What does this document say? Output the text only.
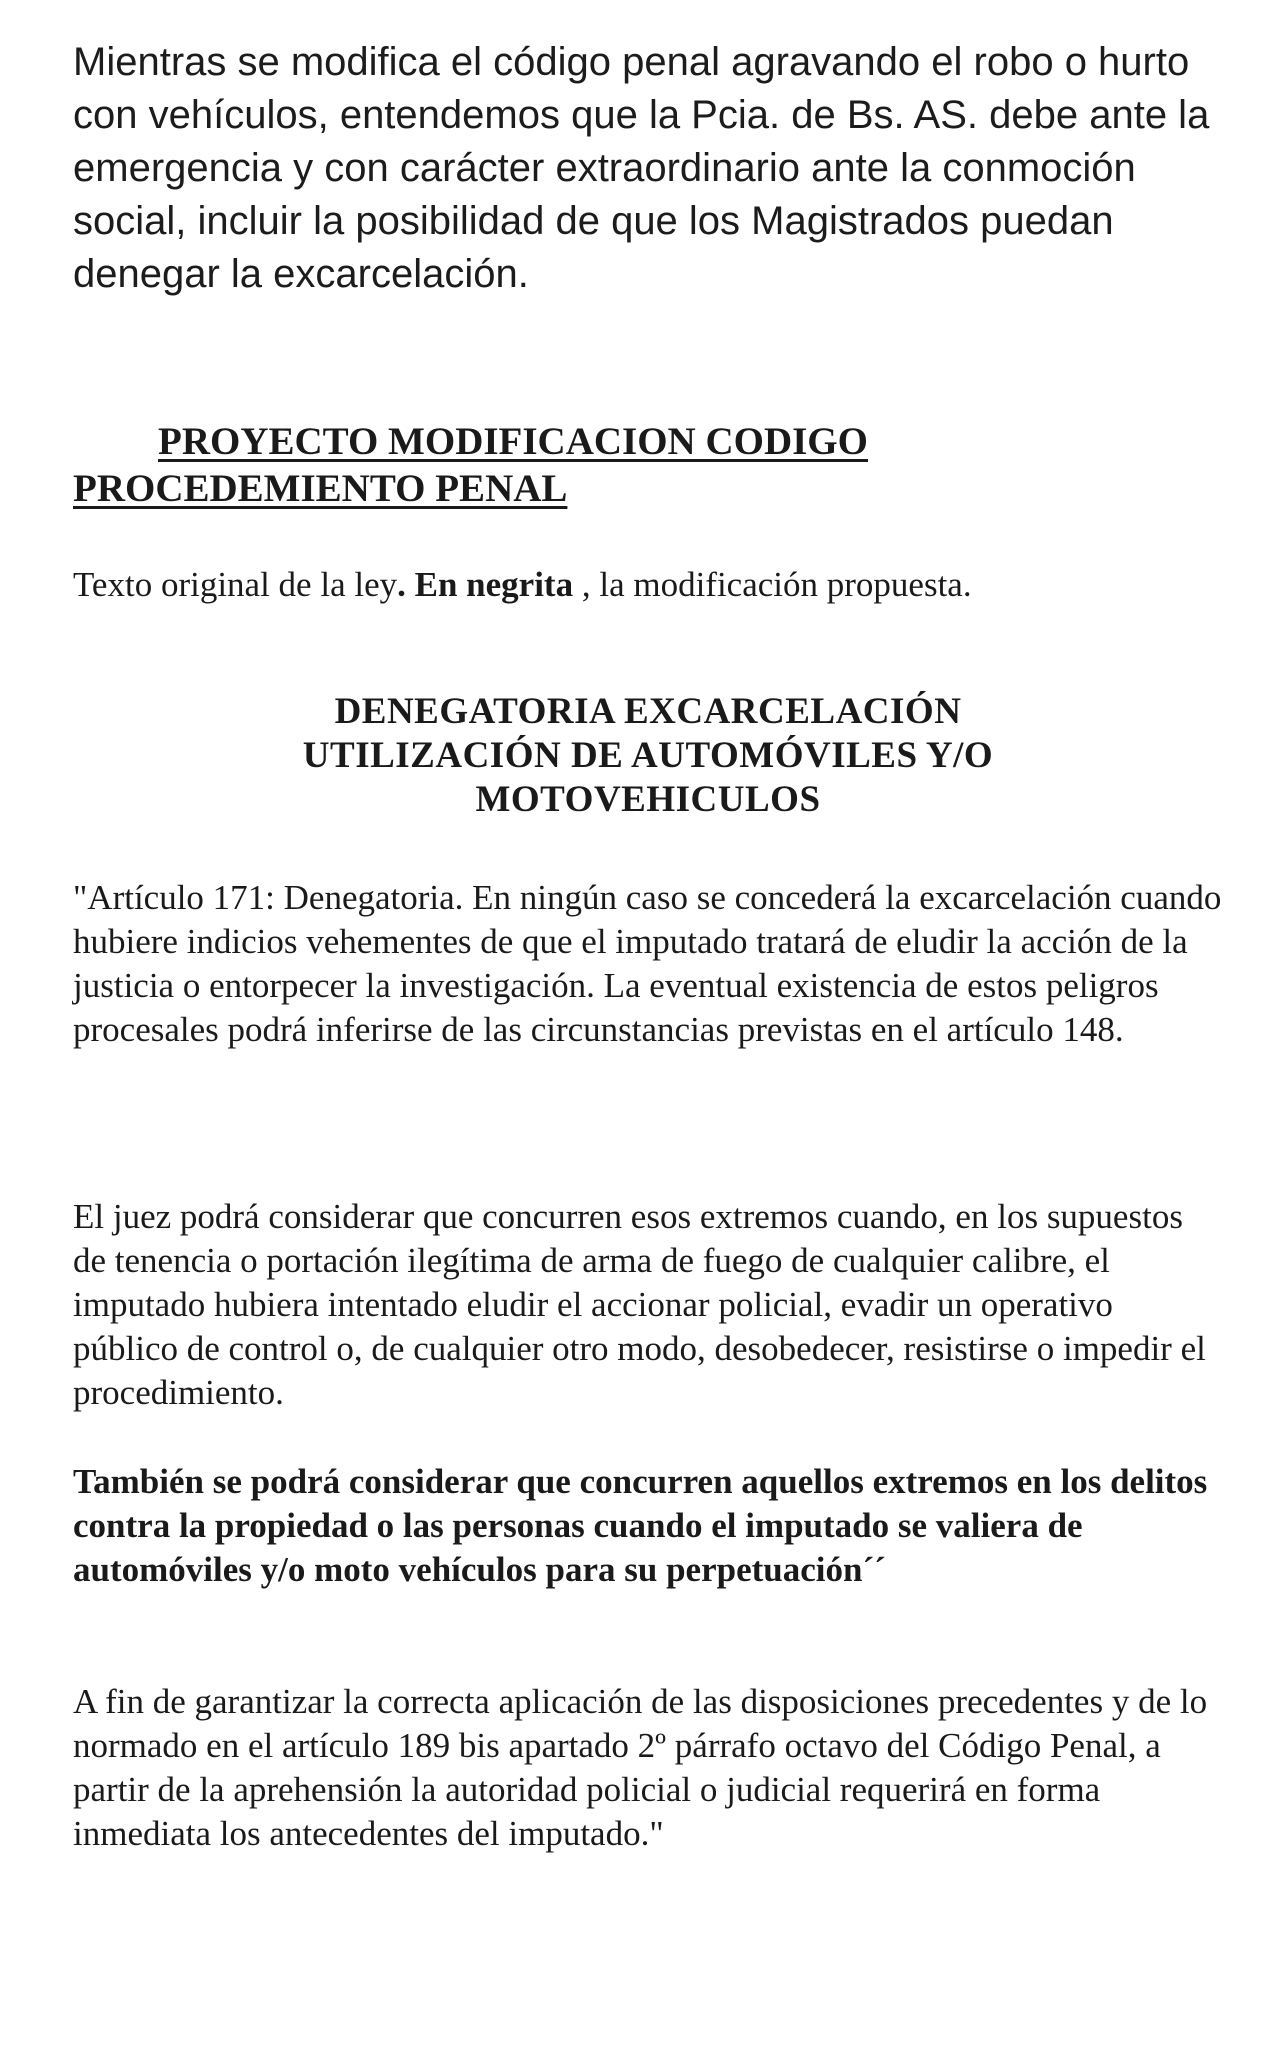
Mientras se modifica el código penal agravando el robo o hurto con vehículos, entendemos que la Pcia. de Bs. AS. debe ante la emergencia y con carácter extraordinario ante la conmoción social, incluir la posibilidad de que los Magistrados puedan denegar la excarcelación.
PROYECTO MODIFICACION CODIGO
PROCEDEMIENTO PENAL
Texto original de la ley. En negrita , la modificación propuesta.
DENEGATORIA EXCARCELACIÓN
UTILIZACIÓN DE AUTOMÓVILES Y/O
MOTOVEHICULOS
"Artículo 171: Denegatoria. En ningún caso se concederá la excarcelación cuando hubiere indicios vehementes de que el imputado tratará de eludir la acción de la justicia o entorpecer la investigación. La eventual existencia de estos peligros procesales podrá inferirse de las circunstancias previstas en el artículo 148.
El juez podrá considerar que concurren esos extremos cuando, en los supuestos de tenencia o portación ilegítima de arma de fuego de cualquier calibre, el imputado hubiera intentado eludir el accionar policial, evadir un operativo público de control o, de cualquier otro modo, desobedecer, resistirse o impedir el procedimiento.
También se podrá considerar que concurren aquellos extremos en los delitos contra la propiedad o las personas cuando el imputado se valiera de automóviles y/o moto vehículos para su perpetuación´´
A fin de garantizar la correcta aplicación de las disposiciones precedentes y de lo normado en el artículo 189 bis apartado 2º párrafo octavo del Código Penal, a partir de la aprehensión la autoridad policial o judicial requerirá en forma inmediata los antecedentes del imputado."
